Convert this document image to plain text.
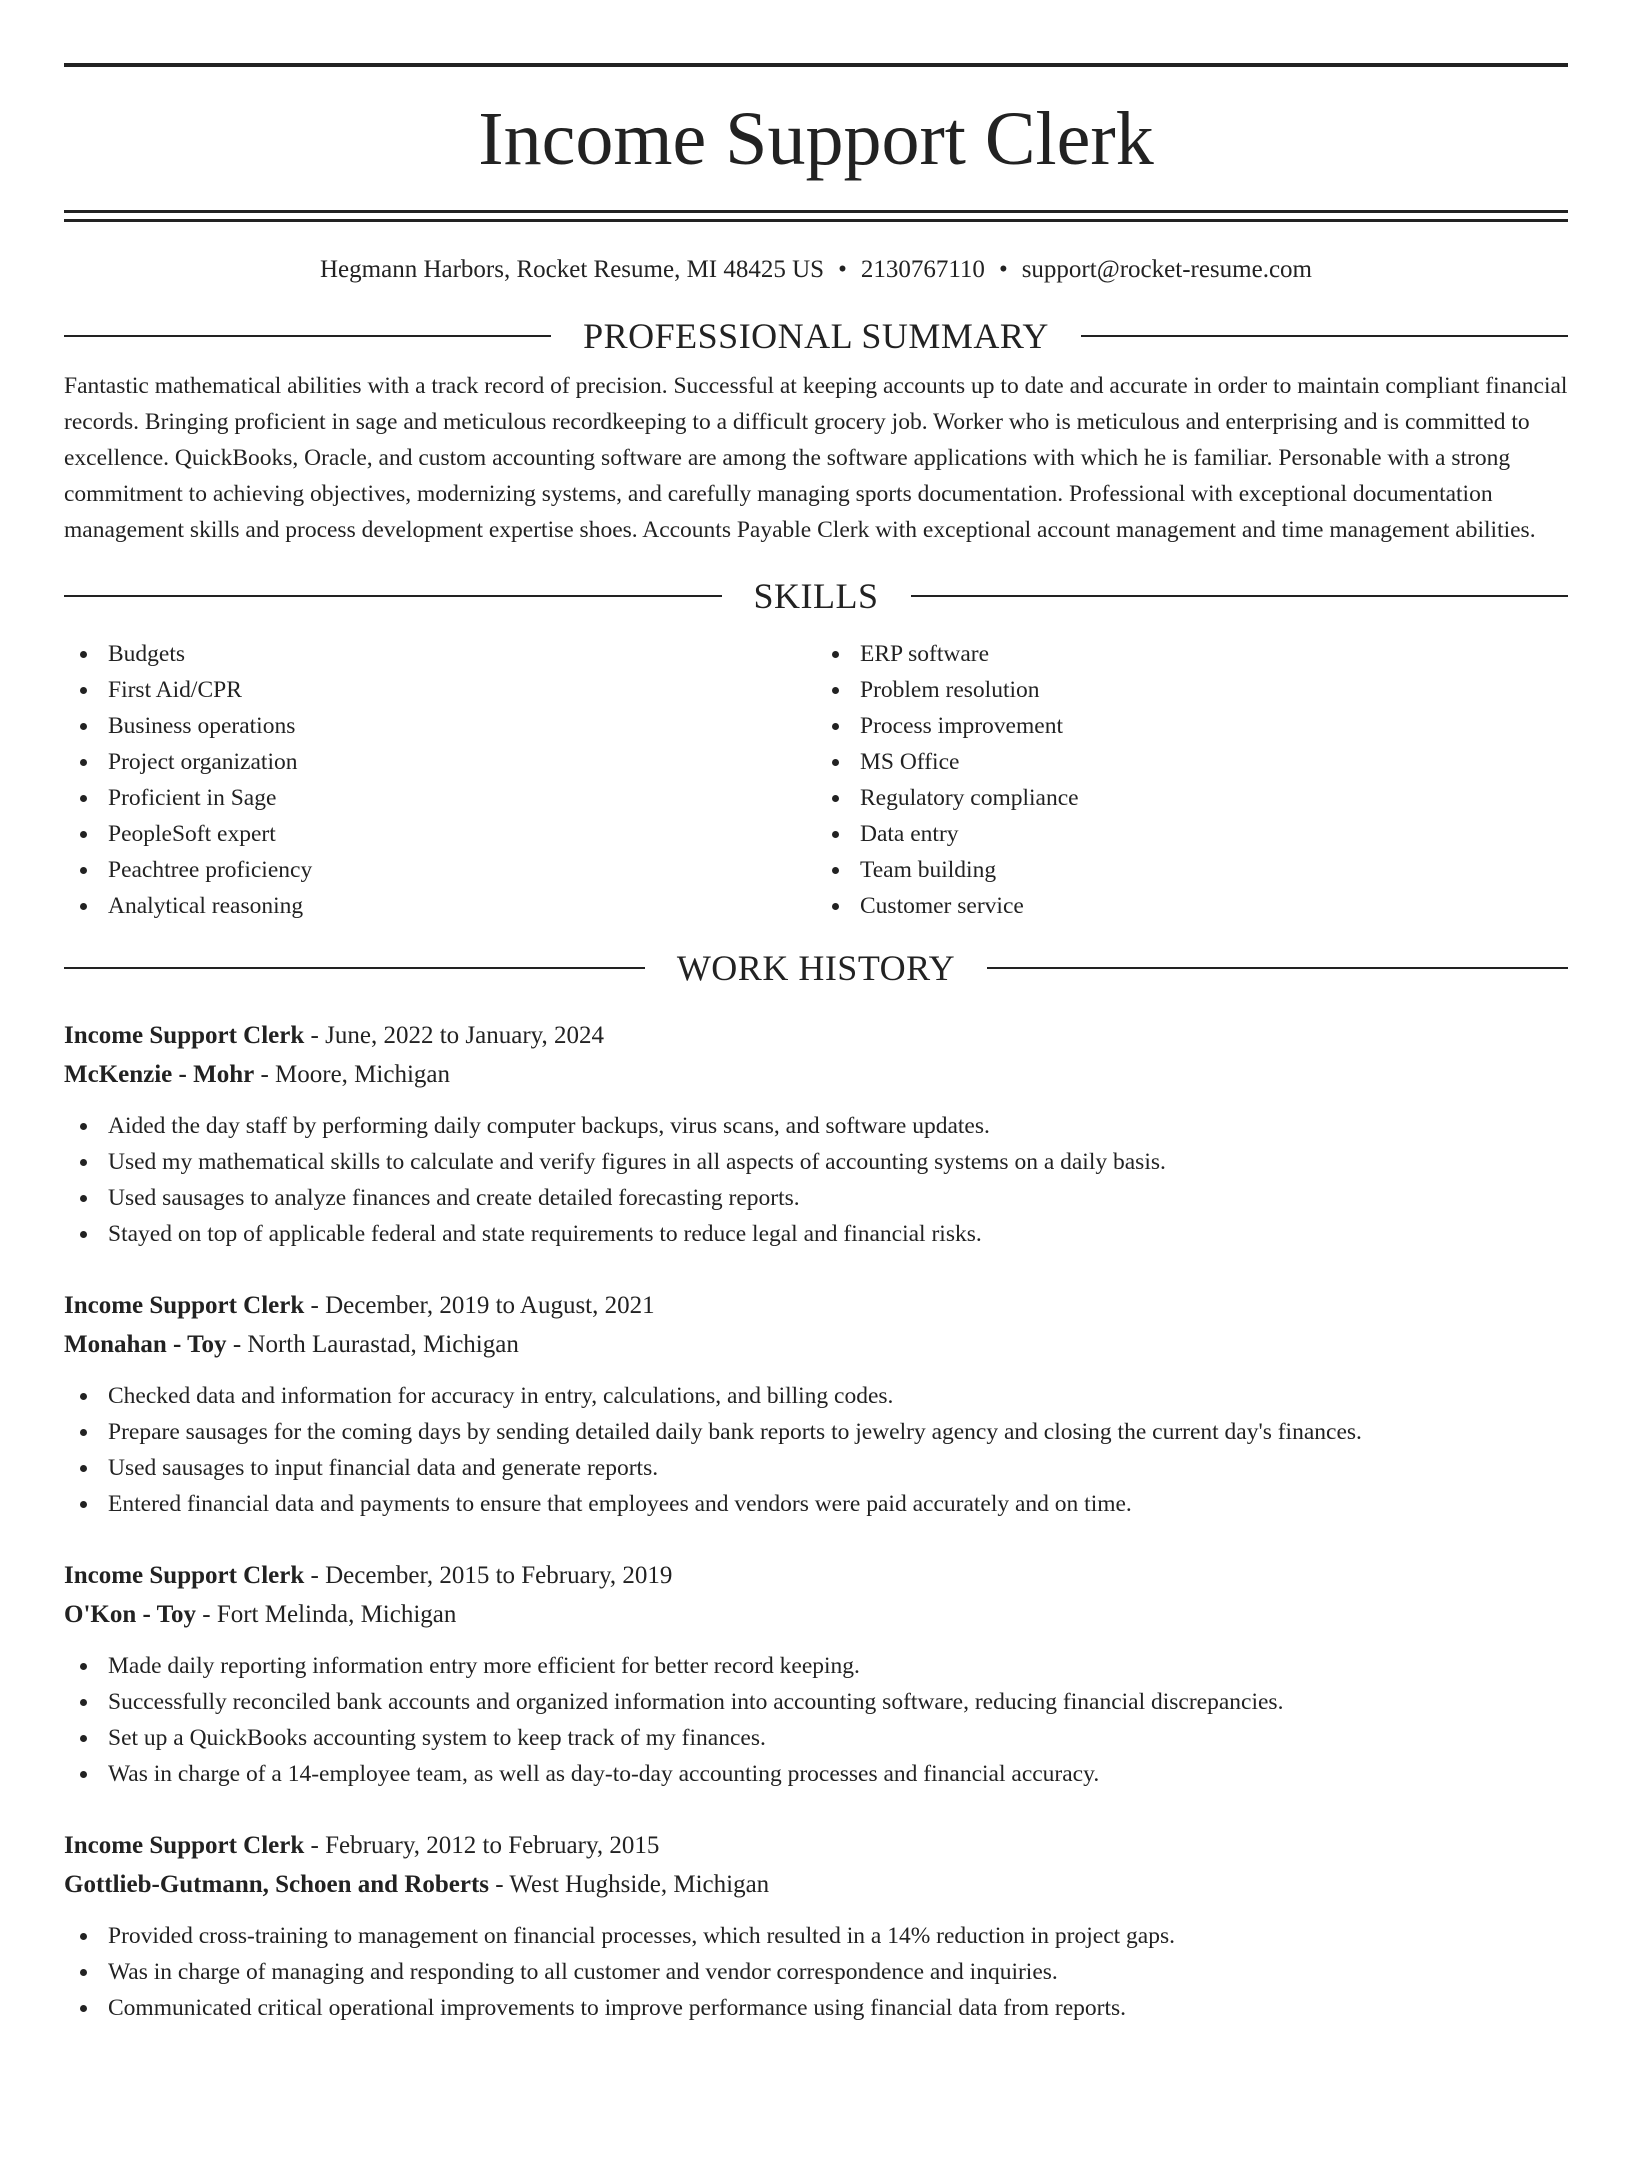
Income Support Clerk
Hegmann Harbors, Rocket Resume, MI 48425 US • 2130767110 • support@rocket-resume.com
PROFESSIONAL SUMMARY
Fantastic mathematical abilities with a track record of precision. Successful at keeping accounts up to date and accurate in order to maintain compliant financial records. Bringing proficient in sage and meticulous recordkeeping to a difficult grocery job. Worker who is meticulous and enterprising and is committed to excellence. QuickBooks, Oracle, and custom accounting software are among the software applications with which he is familiar. Personable with a strong commitment to achieving objectives, modernizing systems, and carefully managing sports documentation. Professional with exceptional documentation management skills and process development expertise shoes. Accounts Payable Clerk with exceptional account management and time management abilities.
SKILLS
Budgets
First Aid/CPR
Business operations
Project organization
Proficient in Sage
PeopleSoft expert
Peachtree proficiency
Analytical reasoning
ERP software
Problem resolution
Process improvement
MS Office
Regulatory compliance
Data entry
Team building
Customer service
WORK HISTORY
Income Support Clerk - June, 2022 to January, 2024
McKenzie - Mohr - Moore, Michigan
Aided the day staff by performing daily computer backups, virus scans, and software updates.
Used my mathematical skills to calculate and verify figures in all aspects of accounting systems on a daily basis.
Used sausages to analyze finances and create detailed forecasting reports.
Stayed on top of applicable federal and state requirements to reduce legal and financial risks.
Income Support Clerk - December, 2019 to August, 2021
Monahan - Toy - North Laurastad, Michigan
Checked data and information for accuracy in entry, calculations, and billing codes.
Prepare sausages for the coming days by sending detailed daily bank reports to jewelry agency and closing the current day's finances.
Used sausages to input financial data and generate reports.
Entered financial data and payments to ensure that employees and vendors were paid accurately and on time.
Income Support Clerk - December, 2015 to February, 2019
O'Kon - Toy - Fort Melinda, Michigan
Made daily reporting information entry more efficient for better record keeping.
Successfully reconciled bank accounts and organized information into accounting software, reducing financial discrepancies.
Set up a QuickBooks accounting system to keep track of my finances.
Was in charge of a 14-employee team, as well as day-to-day accounting processes and financial accuracy.
Income Support Clerk - February, 2012 to February, 2015
Gottlieb-Gutmann, Schoen and Roberts - West Hughside, Michigan
Provided cross-training to management on financial processes, which resulted in a 14% reduction in project gaps.
Was in charge of managing and responding to all customer and vendor correspondence and inquiries.
Communicated critical operational improvements to improve performance using financial data from reports.
